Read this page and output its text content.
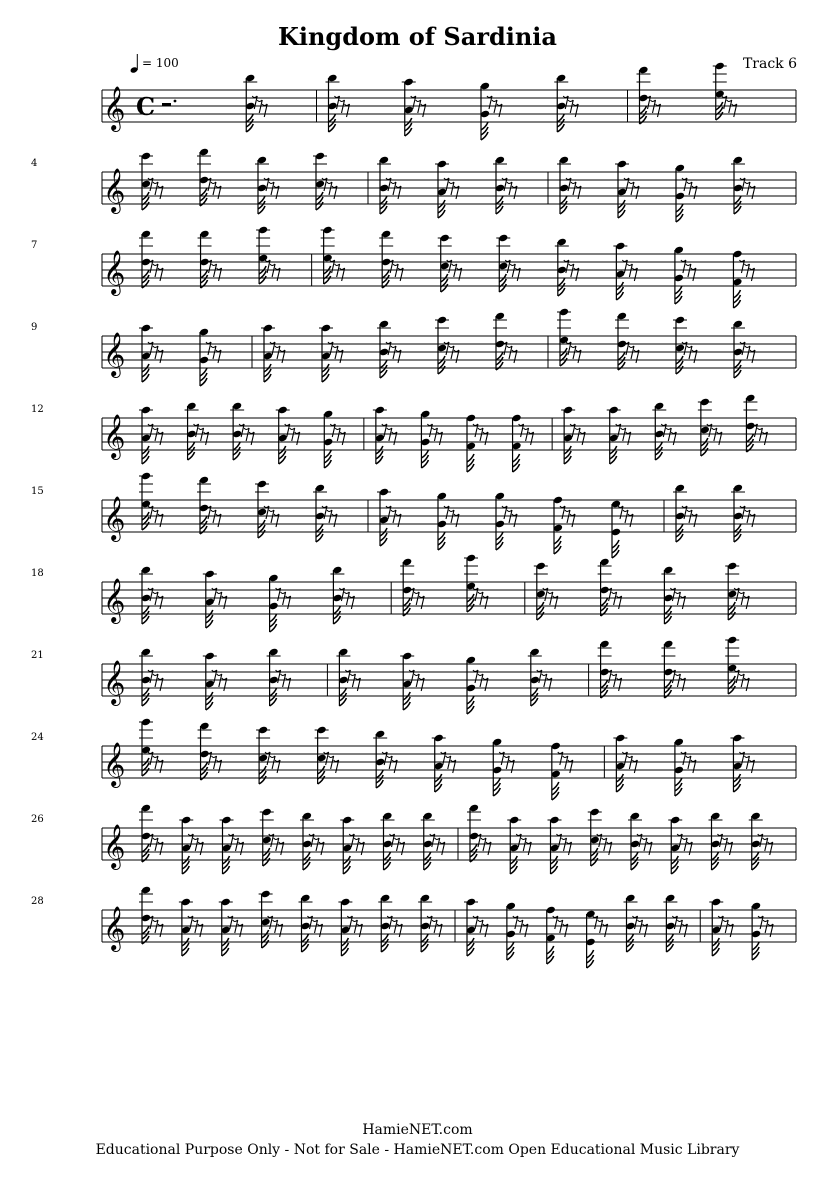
Kingdom of Sardinia
Track 6
𝄞 C
= 100
𝄞
4
𝄞
7
𝄞
9
𝄞
12
𝄞
15
𝄞
18
𝄞
21
𝄞
24
𝄞
26
𝄞
28
HamieNET.com
Educational Purpose Only - Not for Sale - HamieNET.com Open Educational Music Library
